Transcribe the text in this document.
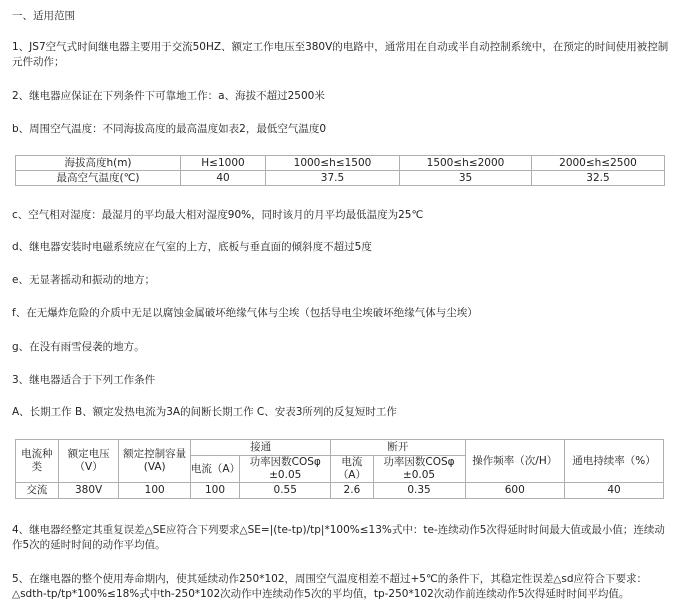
一、适用范围
1、JS7空气式时间继电器主要用于交流50HZ、额定工作电压至380V的电路中，通常用在自动或半自动控制系统中，在预定的时间使用被控制元件动作；
2、继电器应保证在下列条件下可靠地工作：a、海拔不超过2500米
b、周围空气温度：不同海拔高度的最高温度如表2，最低空气温度0
海拔高度h(m)	H≤1000	1000≤h≤1500	1500≤h≤2000	2000≤h≤2500
最高空气温度(℃)	40	37.5	35	32.5
c、空气相对湿度：最湿月的平均最大相对湿度90%，同时该月的月平均最低温度为25℃
d、继电器安装时电磁系统应在气室的上方，底板与垂直面的倾斜度不超过5度
e、无显著摇动和振动的地方；
f、在无爆炸危险的介质中无足以腐蚀金属破坏绝缘气体与尘埃（包括导电尘埃破坏绝缘气体与尘埃）
g、在没有雨雪侵袭的地方。
3、继电器适合于下列工作条件
A、长期工作 B、额定发热电流为3A的间断长期工作 C、安表3所列的反复短时工作
电流种类	额定电压（V）	额定控制容量(VA)	接通		断开		操作频率（次/H）	通电持续率（%）
			电流（A）	功率因数COSφ ±0.05	电流（A）	功率因数COSφ ±0.05		
交流	380V	100	100	0.55	2.6	0.35	600	40
4、继电器经整定其重复误差△SE应符合下列要求△SE=|(te-tp)/tp|*100%≤13%式中：te-连续动作5次得延时时间最大值或最小值；连续动作5次的延时时间的动作平均值。
5、在继电器的整个使用寿命期内，使其延续动作250*102，周围空气温度相差不超过+5℃的条件下，其稳定性误差△sd应符合下要求：△sdth-tp/tp*100%≤18%式中th-250*102次动作中连续动作5次的平均值，tp-250*102次动作前连续动作5次得延时时间平均值。
